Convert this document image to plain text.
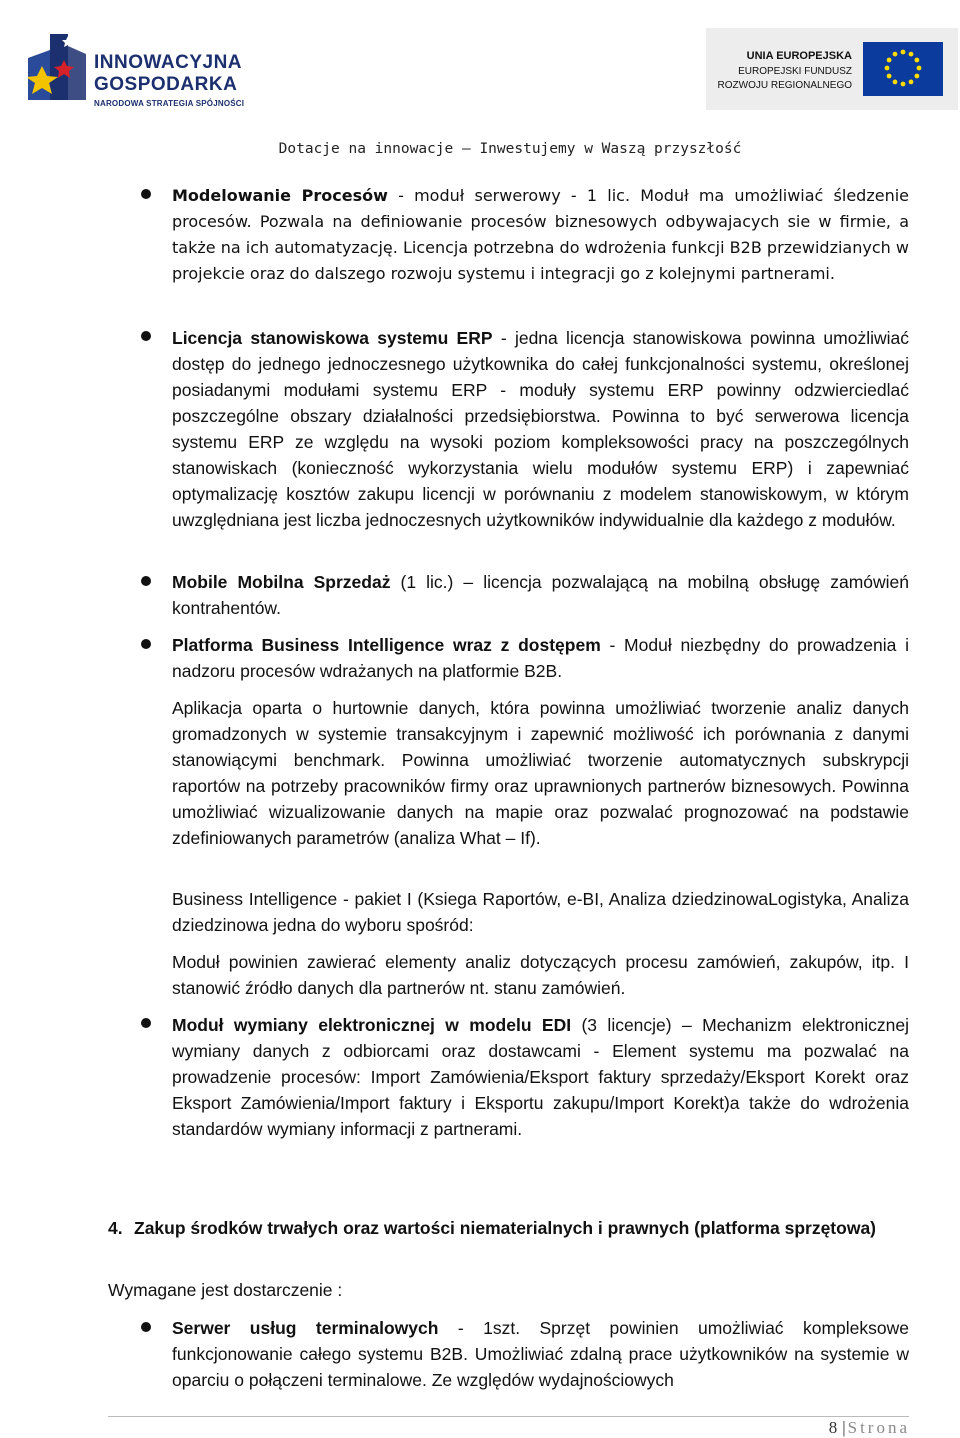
INNOWACYJNA
GOSPODARKA
NARODOWA STRATEGIA SPÓJNOŚCI
UNIA EUROPEJSKA
EUROPEJSKI FUNDUSZ
ROZWOJU REGIONALNEGO
Dotacje na innowacje – Inwestujemy w Waszą przyszłość
Modelowanie Procesów - moduł serwerowy - 1 lic. Moduł ma umożliwiać śledzenie procesów. Pozwala na definiowanie procesów biznesowych odbywajacych sie w firmie, a także na ich automatyzację. Licencja potrzebna do wdrożenia funkcji B2B przewidzianych w projekcie oraz do dalszego rozwoju systemu i integracji go z kolejnymi partnerami.
Licencja stanowiskowa systemu ERP - jedna licencja stanowiskowa powinna umożliwiać dostęp do jednego jednoczesnego użytkownika do całej funkcjonalności systemu, określonej posiadanymi modułami systemu ERP - moduły systemu ERP powinny odzwierciedlać poszczególne obszary działalności przedsiębiorstwa. Powinna to być serwerowa licencja systemu ERP ze względu na wysoki poziom kompleksowości pracy na poszczególnych stanowiskach (konieczność wykorzystania wielu modułów systemu ERP) i zapewniać optymalizację kosztów zakupu licencji w porównaniu z modelem stanowiskowym, w którym uwzględniana jest liczba jednoczesnych użytkowników indywidualnie dla każdego z modułów.
Mobile Mobilna Sprzedaż (1 lic.) – licencja pozwalającą na mobilną obsługę zamówień kontrahentów.
Platforma Business Intelligence wraz z dostępem - Moduł niezbędny do prowadzenia i nadzoru procesów wdrażanych na platformie B2B.
Aplikacja oparta o hurtownie danych, która powinna umożliwiać tworzenie analiz danych gromadzonych w systemie transakcyjnym i zapewnić możliwość ich porównania z danymi stanowiącymi benchmark. Powinna umożliwiać tworzenie automatycznych subskrypcji raportów na potrzeby pracowników firmy oraz uprawnionych partnerów biznesowych. Powinna umożliwiać wizualizowanie danych na mapie oraz pozwalać prognozować na podstawie zdefiniowanych parametrów (analiza What – If).
Business Intelligence - pakiet I (Ksiega Raportów, e-BI, Analiza dziedzinowaLogistyka, Analiza dziedzinowa jedna do wyboru spośród:
Moduł powinien zawierać elementy analiz dotyczących procesu zamówień, zakupów, itp. I stanowić źródło danych dla partnerów nt. stanu zamówień.
Moduł wymiany elektronicznej w modelu EDI (3 licencje) – Mechanizm elektronicznej wymiany danych z odbiorcami oraz dostawcami - Element systemu ma pozwalać na prowadzenie procesów: Import Zamówienia/Eksport faktury sprzedaży/Eksport Korekt oraz Eksport Zamówienia/Import faktury i Eksportu zakupu/Import Korekt)a także do wdrożenia standardów wymiany informacji z partnerami.
4. Zakup środków trwałych oraz wartości niematerialnych i prawnych (platforma sprzętowa)
Wymagane jest dostarczenie :
Serwer usług terminalowych - 1szt. Sprzęt powinien umożliwiać kompleksowe funkcjonowanie całego systemu B2B. Umożliwiać zdalną prace użytkowników na systemie w oparciu o połączeni terminalowe. Ze względów wydajnościowych
8 | Strona
